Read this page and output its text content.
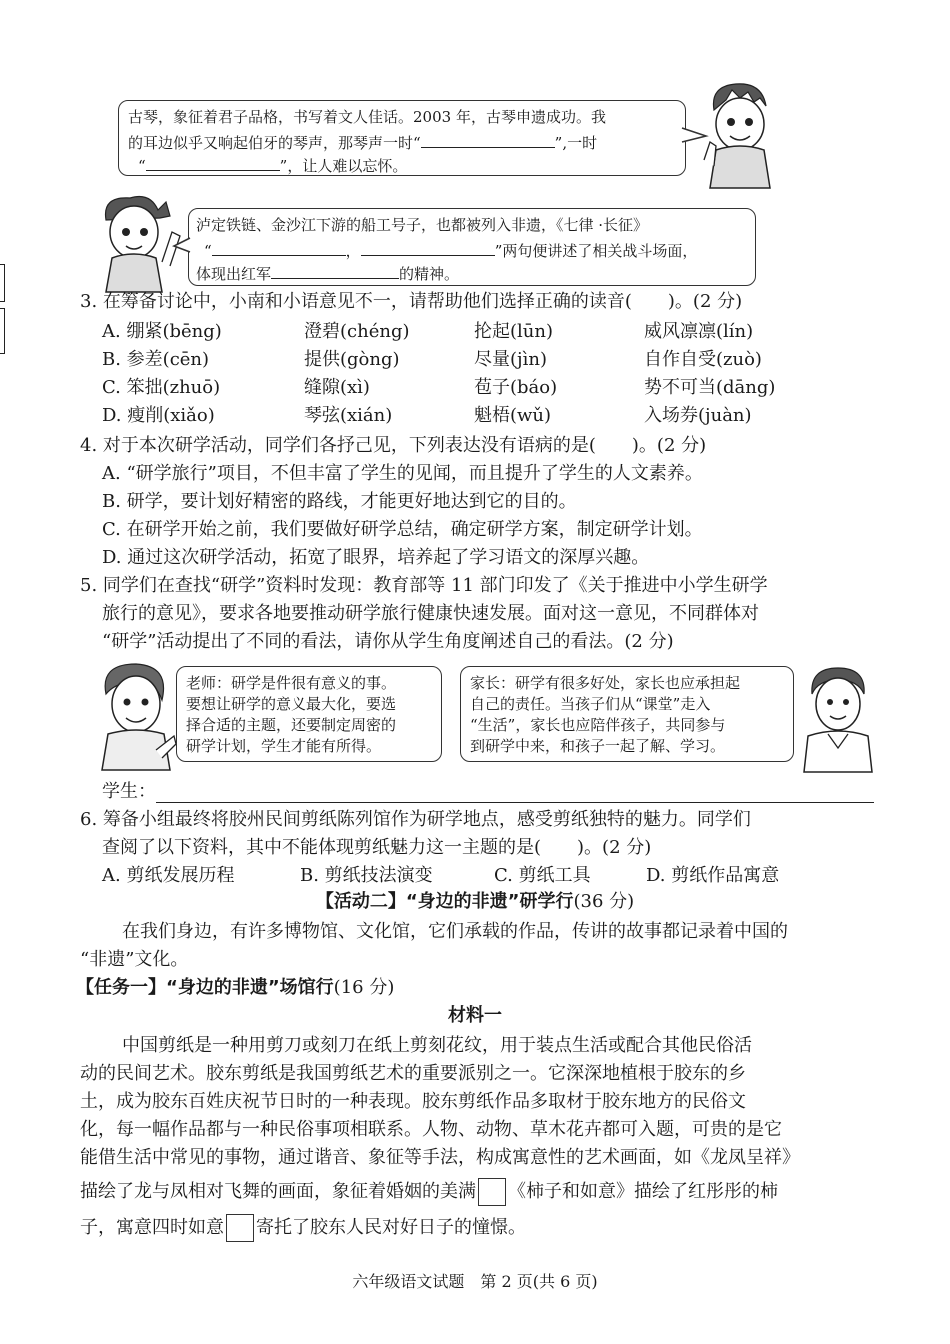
古琴，象征着君子品格，书写着文人佳话。2003 年，古琴申遗成功。我
的耳边似乎又响起伯牙的琴声，那琴声一时“	”,一时
“	”，让人难以忘怀。
泸定铁链、金沙江下游的船工号子，也都被列入非遗，《七律 ·长征》
“	，	”两句便讲述了相关战斗场面，
体现出红军	的精神。
3. 在筹备讨论中，小南和小语意见不一，请帮助他们选择正确的读音(　　)。(2 分)
A. 绷紧(bēng)	澄碧(chéng)	抡起(lūn)	威风凛凛(lín)
B. 参差(cēn)	提供(gòng)	尽量(jìn)	自作自受(zuò)
C. 笨拙(zhuō)	缝隙(xì)	苞子(báo)	势不可当(dāng)
D. 瘦削(xiǎo)	琴弦(xián)	魁梧(wǔ)	入场券(juàn)
4. 对于本次研学活动，同学们各抒己见，下列表达没有语病的是(　　)。(2 分)
A. “研学旅行”项目，不但丰富了学生的见闻，而且提升了学生的人文素养。
B. 研学，要计划好精密的路线，才能更好地达到它的目的。
C. 在研学开始之前，我们要做好研学总结，确定研学方案，制定研学计划。
D. 通过这次研学活动，拓宽了眼界，培养起了学习语文的深厚兴趣。
5. 同学们在查找“研学”资料时发现：教育部等 11 部门印发了《关于推进中小学生研学
旅行的意见》，要求各地要推动研学旅行健康快速发展。面对这一意见，不同群体对
“研学”活动提出了不同的看法，请你从学生角度阐述自己的看法。(2 分)
老师：研学是件很有意义的事。
要想让研学的意义最大化，要选
择合适的主题，还要制定周密的
研学计划，学生才能有所得。
家长：研学有很多好处，家长也应承担起
自己的责任。当孩子们从“课堂”走入
“生活”，家长也应陪伴孩子，共同参与
到研学中来，和孩子一起了解、学习。
学生：
6. 筹备小组最终将胶州民间剪纸陈列馆作为研学地点，感受剪纸独特的魅力。同学们
查阅了以下资料，其中不能体现剪纸魅力这一主题的是(　　)。(2 分)
A. 剪纸发展历程	B. 剪纸技法演变	C. 剪纸工具	D. 剪纸作品寓意
【活动二】“身边的非遗”研学行(36 分)
在我们身边，有许多博物馆、文化馆，它们承载的作品，传讲的故事都记录着中国的
“非遗”文化。
【任务一】“身边的非遗”场馆行(16 分)
材料一
中国剪纸是一种用剪刀或刻刀在纸上剪刻花纹，用于装点生活或配合其他民俗活
动的民间艺术。胶东剪纸是我国剪纸艺术的重要派别之一。它深深地植根于胶东的乡
土，成为胶东百姓庆祝节日时的一种表现。胶东剪纸作品多取材于胶东地方的民俗文
化，每一幅作品都与一种民俗事项相联系。人物、动物、草木花卉都可入题，可贵的是它
能借生活中常见的事物，通过谐音、象征等手法，构成寓意性的艺术画面，如《龙凤呈祥》
描绘了龙与凤相对飞舞的画面，象征着婚姻的美满 《柿子和如意》描绘了红彤彤的柿
子，寓意四时如意 寄托了胶东人民对好日子的憧憬。
六年级语文试题　第 2 页(共 6 页)
